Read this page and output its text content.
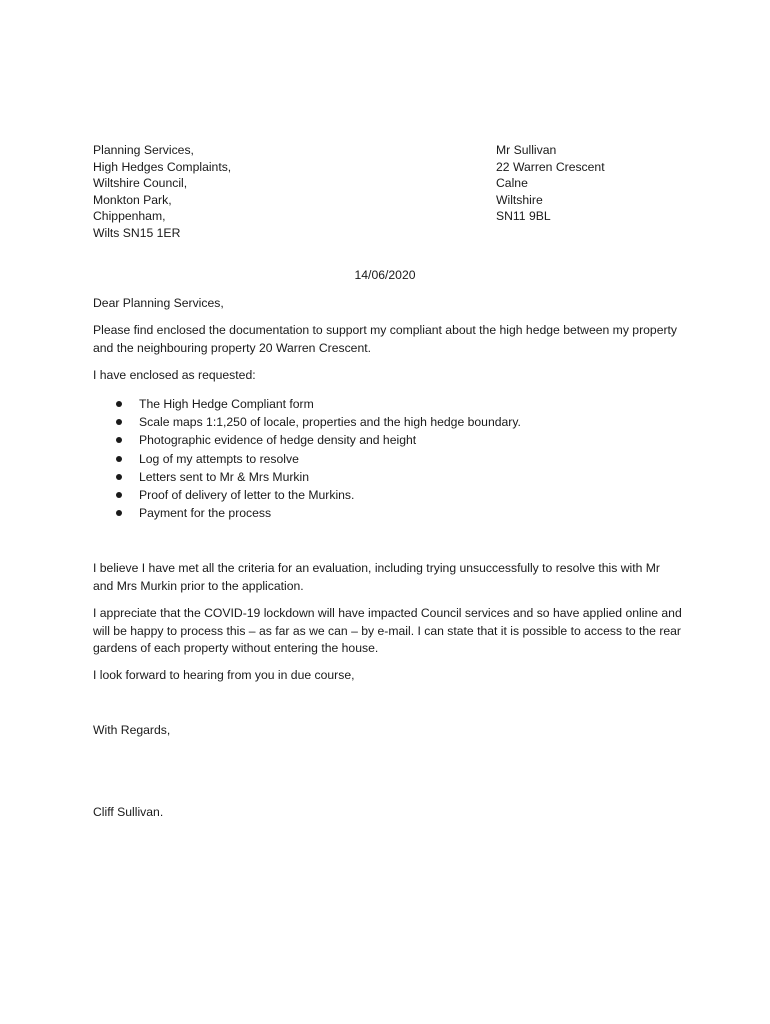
Planning Services,
High Hedges Complaints,
Wiltshire Council,
Monkton Park,
Chippenham,
Wilts SN15 1ER
Mr Sullivan
22 Warren Crescent
Calne
Wiltshire
SN11 9BL
14/06/2020
Dear Planning Services,
Please find enclosed the documentation to support my compliant about the high hedge between my property and the neighbouring property 20 Warren Crescent.
I have enclosed as requested:
The High Hedge Compliant form
Scale maps 1:1,250 of locale, properties and the high hedge boundary.
Photographic evidence of hedge density and height
Log of my attempts to resolve
Letters sent to Mr & Mrs Murkin
Proof of delivery of letter to the Murkins.
Payment for the process
I believe I have met all the criteria for an evaluation, including trying unsuccessfully to resolve this with Mr and Mrs Murkin prior to the application.
I appreciate that the COVID-19 lockdown will have impacted Council services and so have applied online and will be happy to process this – as far as we can – by e-mail. I can state that it is possible to access to the rear gardens of each property without entering the house.
I look forward to hearing from you in due course,
With Regards,
Cliff Sullivan.
